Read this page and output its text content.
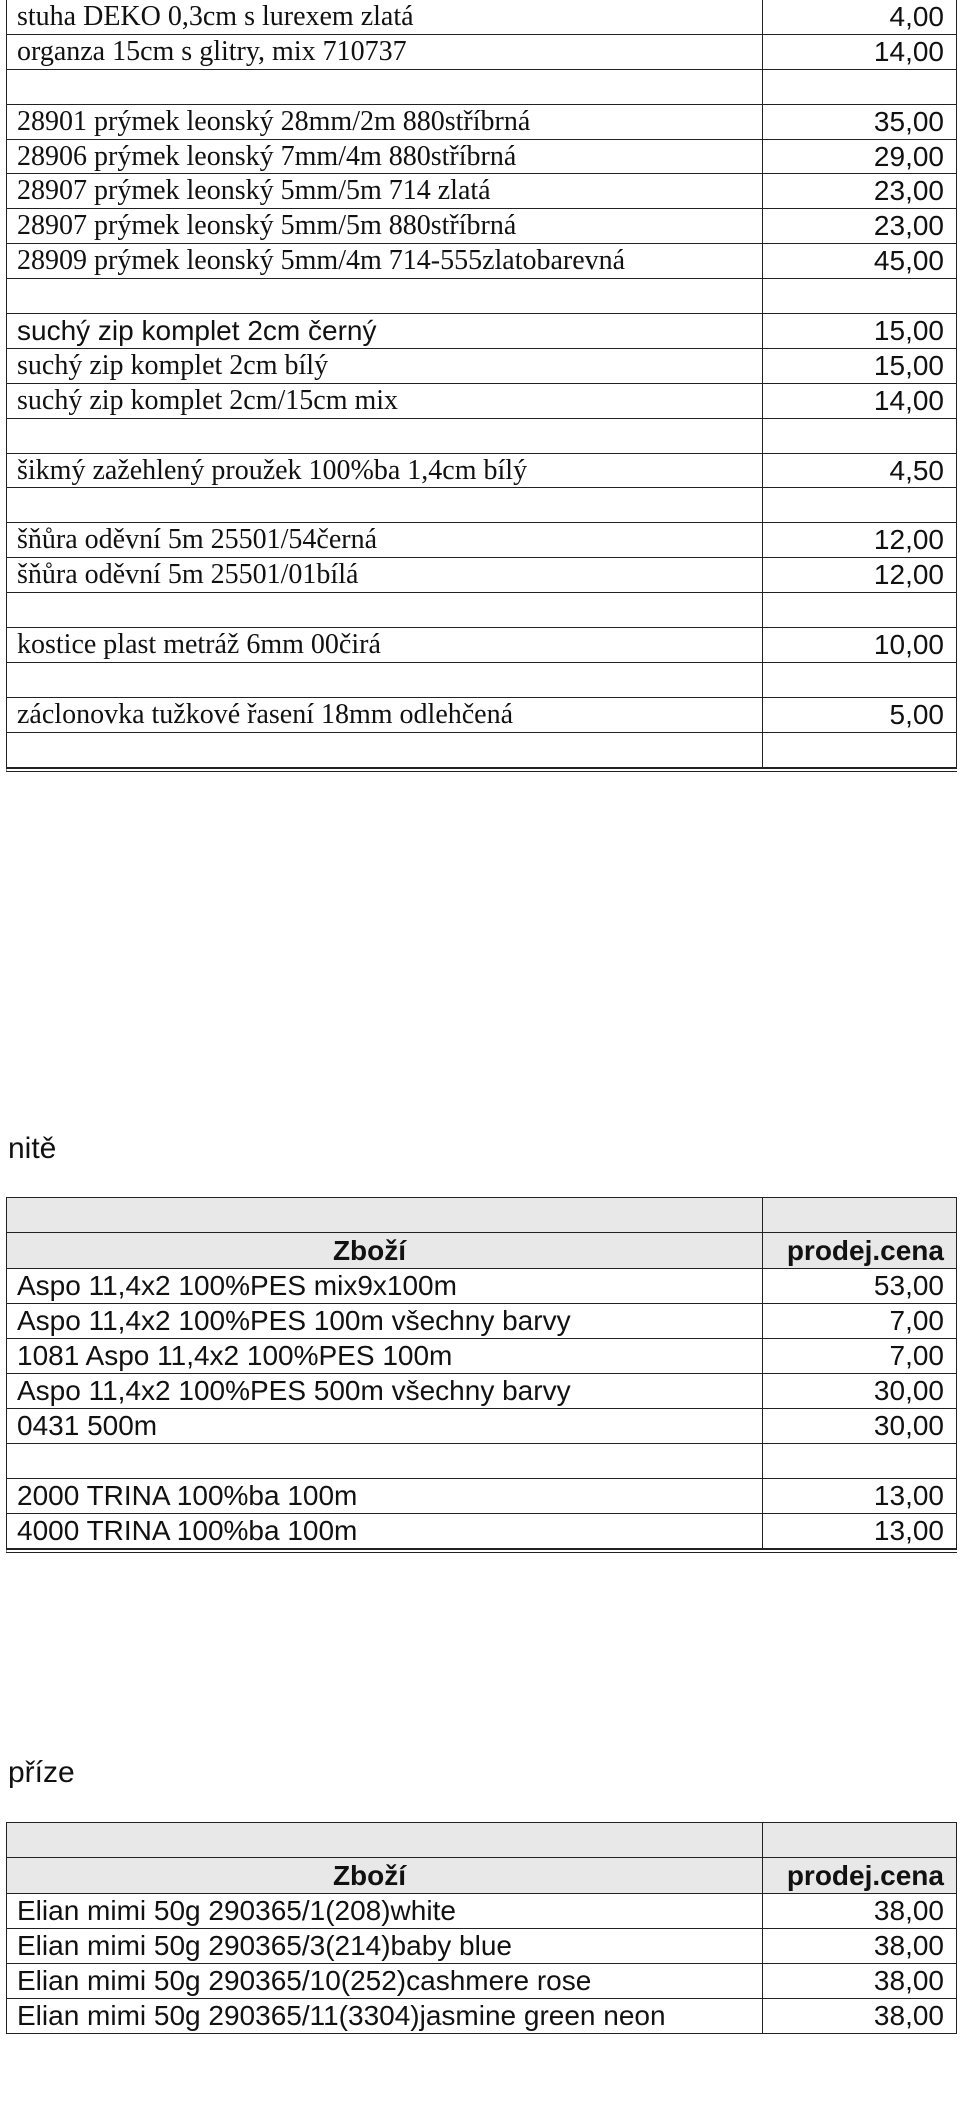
stuha DEKO 0,3cm s lurexem zlatá	4,00
organza 15cm s glitry, mix 710737	14,00
28901 prýmek leonský 28mm/2m 880stříbrná	35,00
28906 prýmek leonský 7mm/4m 880stříbrná	29,00
28907 prýmek leonský 5mm/5m 714 zlatá	23,00
28907 prýmek leonský 5mm/5m 880stříbrná	23,00
28909 prýmek leonský 5mm/4m 714-555zlatobarevná	45,00
suchý zip komplet 2cm černý	15,00
suchý zip komplet 2cm bílý	15,00
suchý zip komplet 2cm/15cm mix	14,00
šikmý zažehlený proužek 100%ba 1,4cm bílý	4,50
šňůra oděvní 5m 25501/54černá	12,00
šňůra oděvní 5m 25501/01bílá	12,00
kostice plast metráž 6mm 00čirá	10,00
záclonovka tužkové řasení 18mm odlehčená	5,00
nitě
Zboží	prodej.cena
Aspo 11,4x2 100%PES mix9x100m	53,00
Aspo 11,4x2 100%PES 100m všechny barvy	7,00
1081 Aspo 11,4x2 100%PES 100m	7,00
Aspo 11,4x2 100%PES 500m všechny barvy	30,00
0431 500m	30,00
2000 TRINA 100%ba 100m	13,00
4000 TRINA 100%ba 100m	13,00
příze
Zboží	prodej.cena
Elian mimi 50g 290365/1(208)white	38,00
Elian mimi 50g 290365/3(214)baby blue	38,00
Elian mimi 50g 290365/10(252)cashmere rose	38,00
Elian mimi 50g 290365/11(3304)jasmine green neon	38,00
